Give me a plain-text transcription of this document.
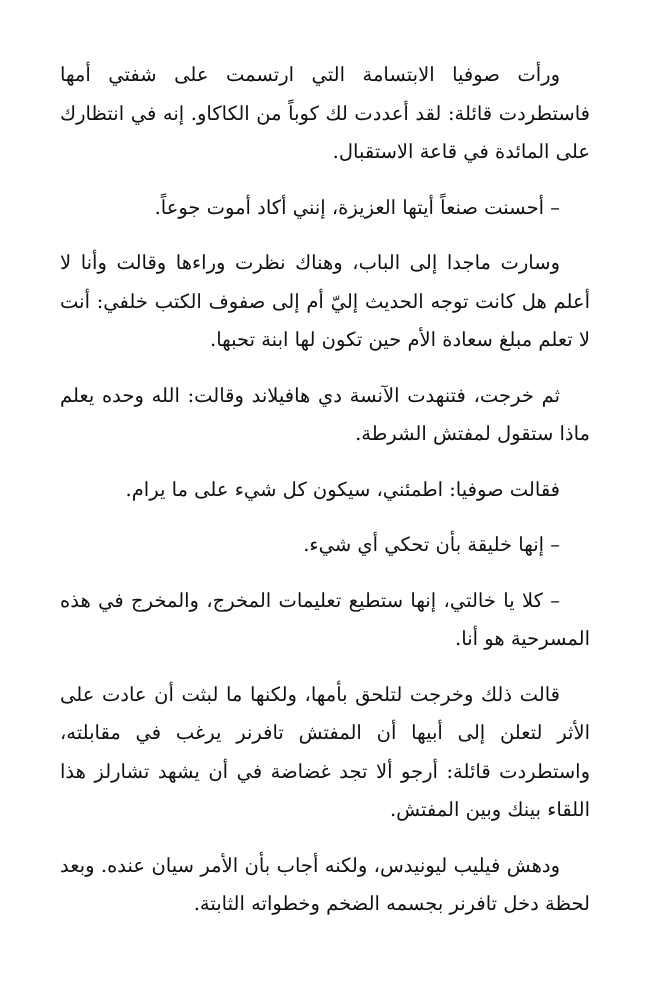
ورأت صوفيا الابتسامة التي ارتسمت على شفتي أمها فاستطردت قائلة: لقد أعددت لك كوباً من الكاكاو. إنه في انتظارك على المائدة في قاعة الاستقبال.

– أحسنت صنعاً أيتها العزيزة، إنني أكاد أموت جوعاً.

وسارت ماجدا إلى الباب، وهناك نظرت وراءها وقالت وأنا لا أعلم هل كانت توجه الحديث إليّ أم إلى صفوف الكتب خلفي: أنت لا تعلم مبلغ سعادة الأم حين تكون لها ابنة تحبها.

ثم خرجت، فتنهدت الآنسة دي هافيلاند وقالت: الله وحده يعلم ماذا ستقول لمفتش الشرطة.

فقالت صوفيا: اطمئني، سيكون كل شيء على ما يرام.

– إنها خليقة بأن تحكي أي شيء.

– كلا يا خالتي، إنها ستطيع تعليمات المخرج، والمخرج في هذه المسرحية هو أنا.

قالت ذلك وخرجت لتلحق بأمها، ولكنها ما لبثت أن عادت على الأثر لتعلن إلى أبيها أن المفتش تافرنر يرغب في مقابلته، واستطردت قائلة: أرجو ألا تجد غضاضة في أن يشهد تشارلز هذا اللقاء بينك وبين المفتش.

ودهش فيليب ليونيدس، ولكنه أجاب بأن الأمر سيان عنده. وبعد لحظة دخل تافرنر بجسمه الضخم وخطواته الثابتة.
